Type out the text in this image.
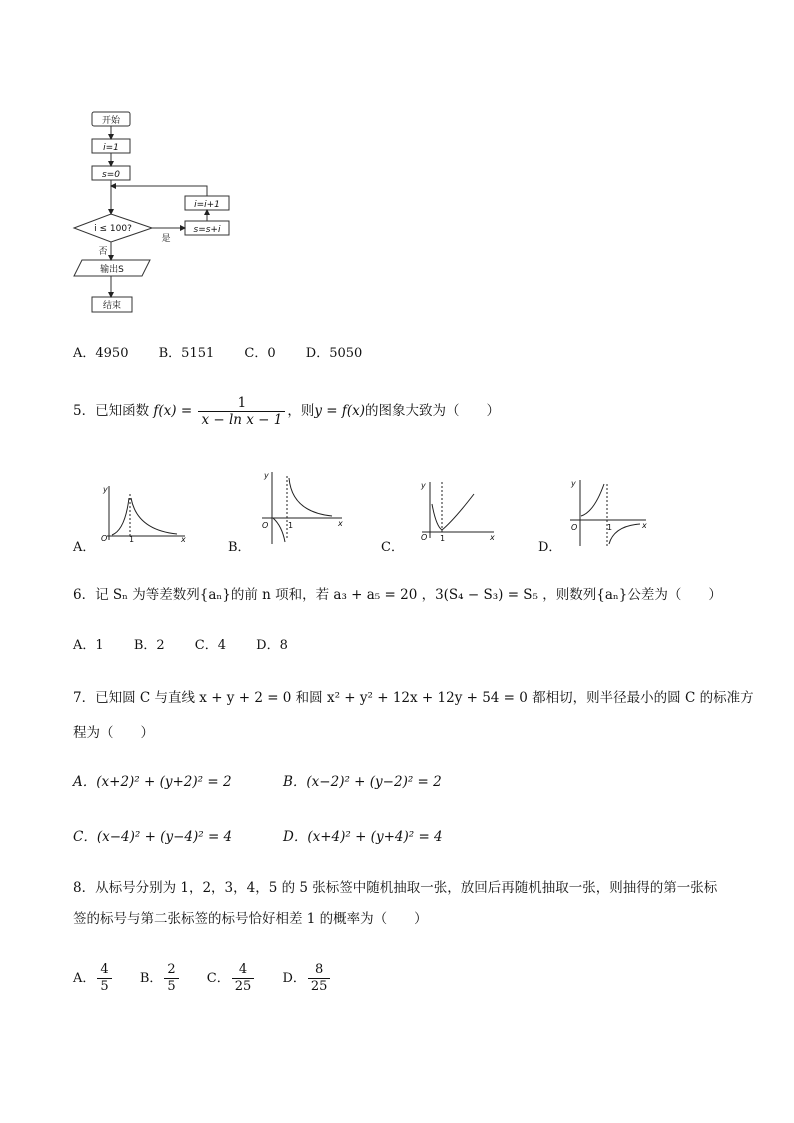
开始
i=1
s=0
i=i+1
s=s+i
i ≤ 100?
输出S
结束
否
是
A．4950 B．5151 C．0 D．5050
5．已知函数 $f(x) = \frac{1}{\text{x − ln x − 1}}$ ，则y = f(x)的图象大致为（　　）
y
O	1	x
A．
y
O 1	x
B．
y
O 1	x
C．
y
O	1	x
D．
6．记 Sₙ 为等差数列{aₙ}的前 n 项和，若 a₃ + a₅ = 20 ，3(S₄ − S₃) = S₅ ，则数列{aₙ}公差为（　　）
A．1 B．2 C．4 D．8
7．已知圆 C 与直线 x + y + 2 = 0 和圆 x² + y² + 12x + 12y + 54 = 0 都相切，则半径最小的圆 C 的标准方
程为（　　）
A．(x+2)² + (y+2)² = 2	B．(x−2)² + (y−2)² = 2
C．(x−4)² + (y−4)² = 4	D．(x+4)² + (y+4)² = 4
8．从标号分别为 1，2，3，4，5 的 5 张标签中随机抽取一张，放回后再随机抽取一张，则抽得的第一张标
签的标号与第二张标签的标号恰好相差 1 的概率为（　　）
A． $\frac{4}{5}$ B． $\frac{2}{5}$ C． $\frac{4}{25}$ D． $\frac{8}{25}$
